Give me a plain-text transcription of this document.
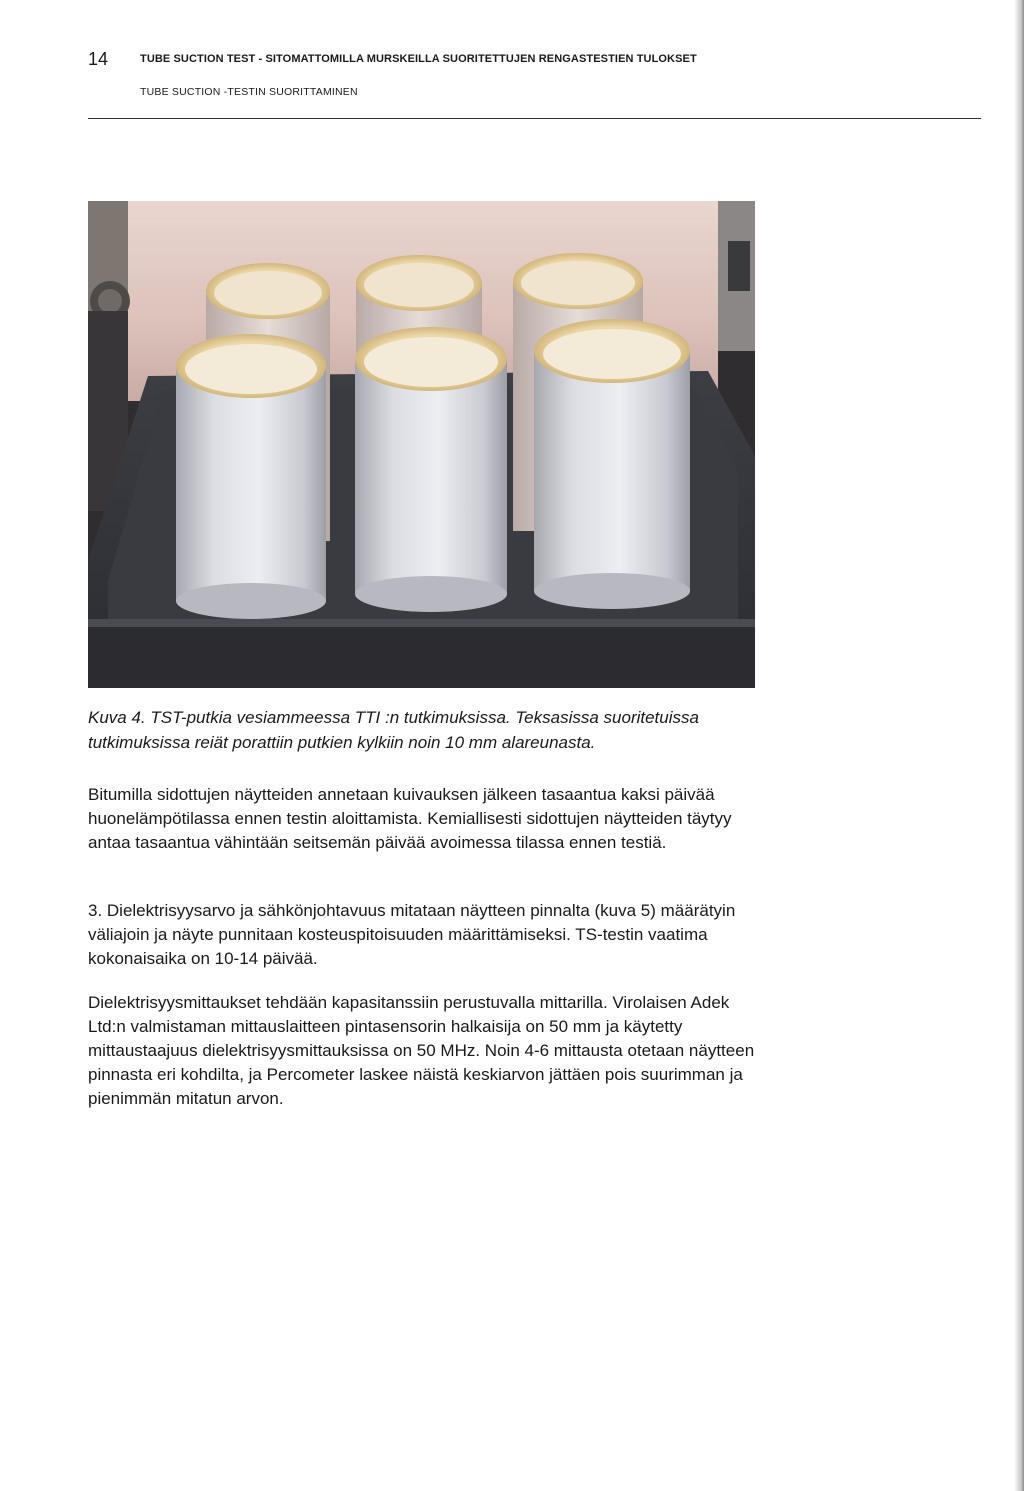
14	TUBE SUCTION TEST - SITOMATTOMILLA MURSKEILLA SUORITETTUJEN RENGASTESTIEN TULOKSET
TUBE SUCTION -TESTIN SUORITTAMINEN

Kuva 4. TST-putkia vesiammeessa TTI :n tutkimuksissa. Teksasissa suoritetuissa tutkimuksissa reiät porattiin putkien kylkiin noin 10 mm alareunasta.

Bitumilla sidottujen näytteiden annetaan kuivauksen jälkeen tasaantua kaksi päivää huonelämpötilassa ennen testin aloittamista. Kemiallisesti sidottujen näytteiden täytyy antaa tasaantua vähintään seitsemän päivää avoimessa tilassa ennen testiä.

3. Dielektrisyysarvo ja sähkönjohtavuus mitataan näytteen pinnalta (kuva 5) määrätyin väliajoin ja näyte punnitaan kosteuspitoisuuden määrittämiseksi. TS-testin vaatima kokonaisaika on 10-14 päivää.

Dielektrisyysmittaukset tehdään kapasitanssiin perustuvalla mittarilla. Virolaisen Adek Ltd:n valmistaman mittauslaitteen pintasensorin halkaisija on 50 mm ja käytetty mittaustaajuus dielektrisyysmittauksissa on 50 MHz. Noin 4-6 mittausta otetaan näytteen pinnasta eri kohdilta, ja Percometer laskee näistä keskiarvon jättäen pois suurimman ja pienimmän mitatun arvon.
